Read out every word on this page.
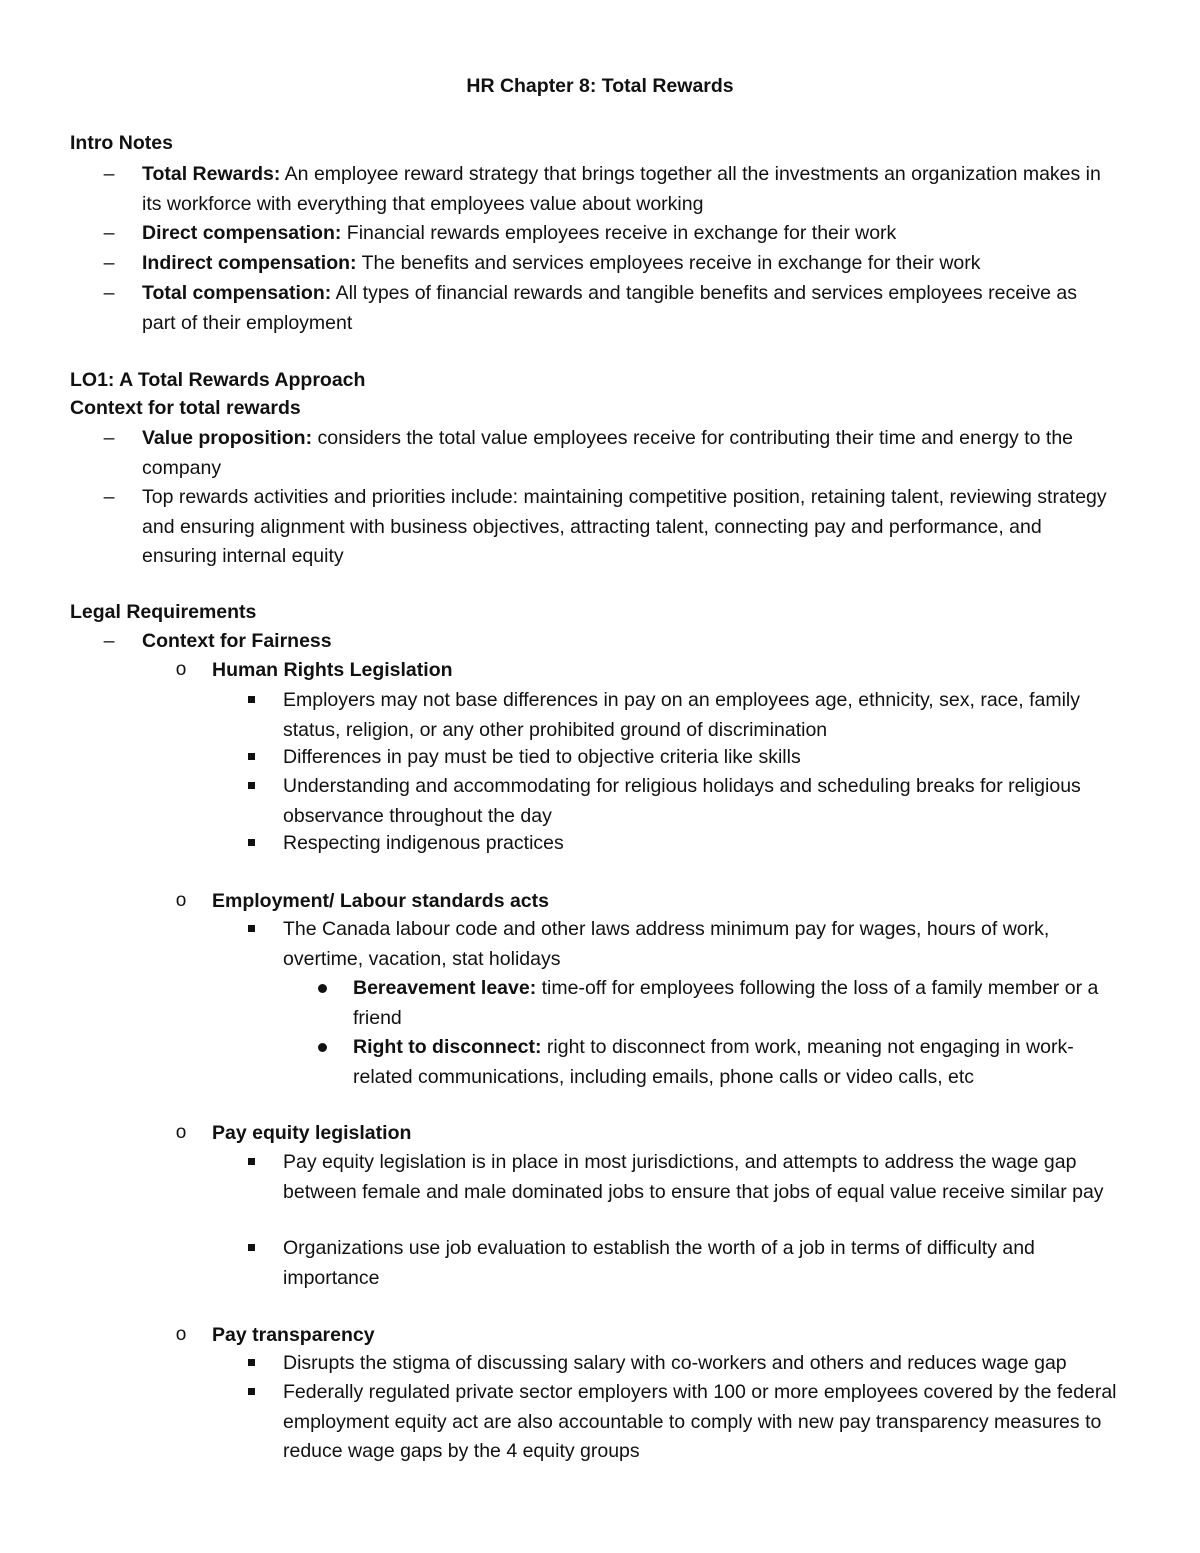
HR Chapter 8: Total Rewards
Intro Notes
– Total Rewards: An employee reward strategy that brings together all the investments an organization makes in its workforce with everything that employees value about working
– Direct compensation: Financial rewards employees receive in exchange for their work
– Indirect compensation: The benefits and services employees receive in exchange for their work
– Total compensation: All types of financial rewards and tangible benefits and services employees receive as part of their employment
LO1: A Total Rewards Approach
Context for total rewards
– Value proposition: considers the total value employees receive for contributing their time and energy to the company
– Top rewards activities and priorities include: maintaining competitive position, retaining talent, reviewing strategy and ensuring alignment with business objectives, attracting talent, connecting pay and performance, and ensuring internal equity
Legal Requirements
– Context for Fairness
o Human Rights Legislation
Employers may not base differences in pay on an employees age, ethnicity, sex, race, family status, religion, or any other prohibited ground of discrimination
Differences in pay must be tied to objective criteria like skills
Understanding and accommodating for religious holidays and scheduling breaks for religious observance throughout the day
Respecting indigenous practices
o Employment/ Labour standards acts
The Canada labour code and other laws address minimum pay for wages, hours of work, overtime, vacation, stat holidays
Bereavement leave: time-off for employees following the loss of a family member or a friend
Right to disconnect: right to disconnect from work, meaning not engaging in work-related communications, including emails, phone calls or video calls, etc
o Pay equity legislation
Pay equity legislation is in place in most jurisdictions, and attempts to address the wage gap between female and male dominated jobs to ensure that jobs of equal value receive similar pay
Organizations use job evaluation to establish the worth of a job in terms of difficulty and importance
o Pay transparency
Disrupts the stigma of discussing salary with co-workers and others and reduces wage gap
Federally regulated private sector employers with 100 or more employees covered by the federal employment equity act are also accountable to comply with new pay transparency measures to reduce wage gaps by the 4 equity groups
